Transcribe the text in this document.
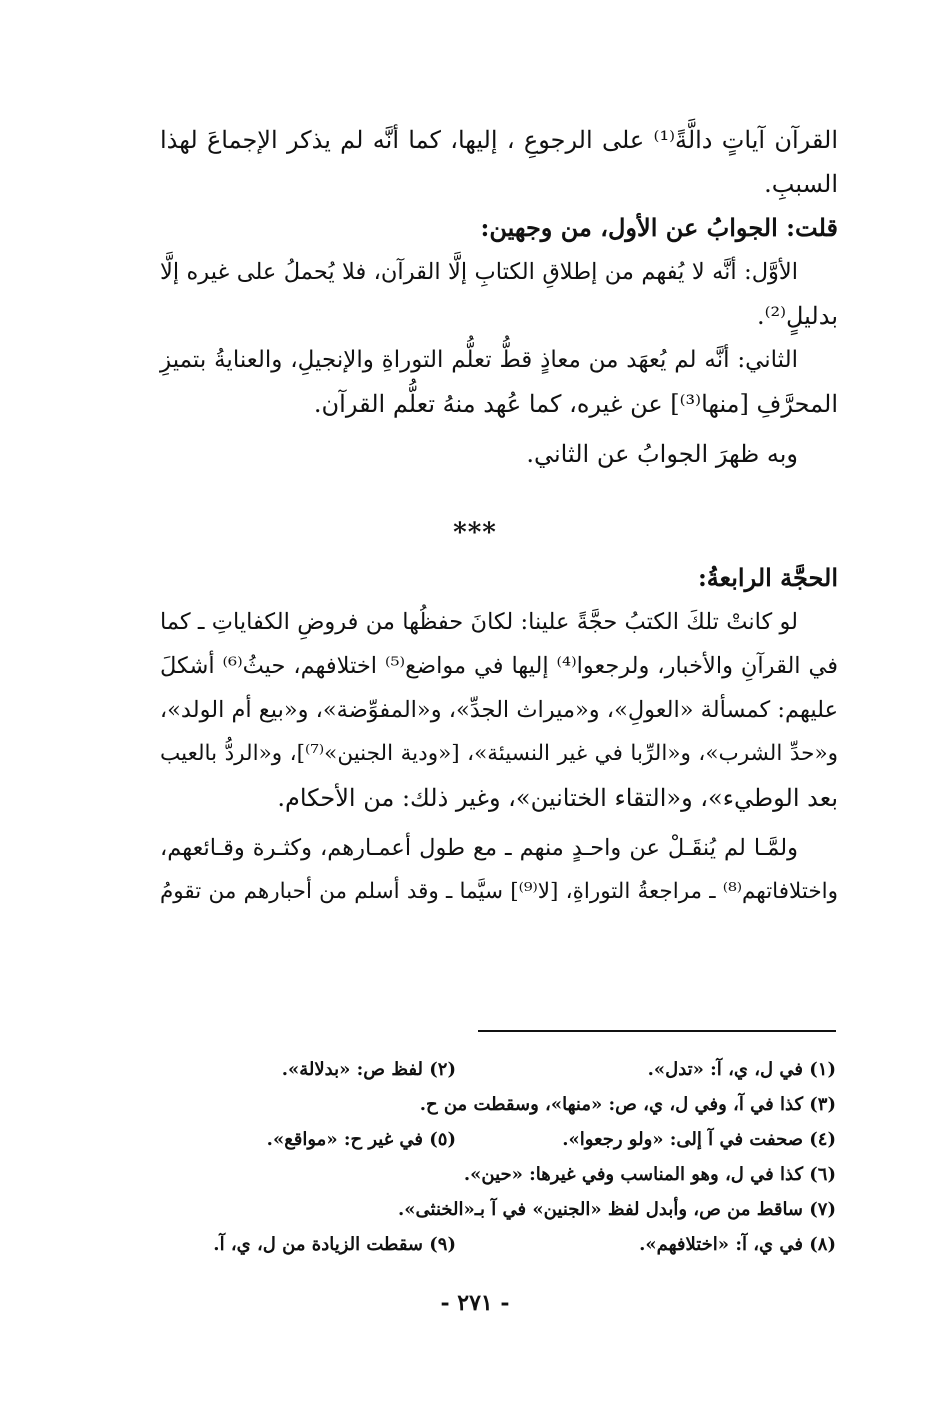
القرآن آياتٍ دالَّةً⁽¹⁾ على الرجوعِ ، إليها، كما أنَّه لم يذكر الإجماعَ لهذا
السببِ.
قلت: الجوابُ عن الأول، من وجهين:
الأوَّل: أنَّه لا يُفهم من إطلاقِ الكتابِ إلَّا القرآن، فلا يُحملُ على غيره إلَّا
بدليلٍ⁽²⁾.
الثاني: أنَّه لم يُعهَد من معاذٍ قطُّ تعلُّم التوراةِ والإنجيلِ، والعنايةُ بتميزِ
المحرَّفِ [منها⁽³⁾] عن غيره، كما عُهد منهُ تعلُّم القرآن.
وبه ظهرَ الجوابُ عن الثاني.
***
الحجَّة الرابعةُ:
لو كانتْ تلكَ الكتبُ حجَّةً علينا: لكانَ حفظُها من فروضِ الكفاياتِ ـ كما
في القرآنِ والأخبار، ولرجعوا⁽⁴⁾ إليها في مواضع⁽⁵⁾ اختلافهم، حيثُ⁽⁶⁾ أشكلَ
عليهم: كمسألة «العولِ»، و«ميراث الجدِّ»، و«المفوِّضة»، و«بيع أم الولد»،
و«حدِّ الشرب»، و«الرِّبا في غير النسيئة»، [«ودية الجنين»⁽⁷⁾]، و«الردُّ بالعيب
بعد الوطيء»، و«التقاء الختانين»، وغير ذلك: من الأحكام.
ولمَّـا لم يُنقَـلْ عن واحـدٍ منهم ـ مع طول أعمـارهم، وكثـرة وقـائعهم،
واختلافاتهم⁽⁸⁾ ـ مراجعةُ التوراةِ، [لا⁽⁹⁾] سيَّما ـ وقد أسلم من أحبارهم من تقومُ
(١) في ل، ي، آ: «تدل».
(٢) لفظ ص: «بدلالة».
(٣) كذا في آ، وفي ل، ي، ص: «منها»، وسقطت من ح.
(٤) صحفت في آ إلى: «ولو رجعوا».
(٥) في غير ح: «مواقع».
(٦) كذا في ل، وهو المناسب وفي غيرها: «حين».
(٧) ساقط من ص، وأبدل لفظ «الجنين» في آ بـ«الخنثى».
(٨) في ي، آ: «اختلافهم».
(٩) سقطت الزيادة من ل، ي، آ.
- ٢٧١ -
